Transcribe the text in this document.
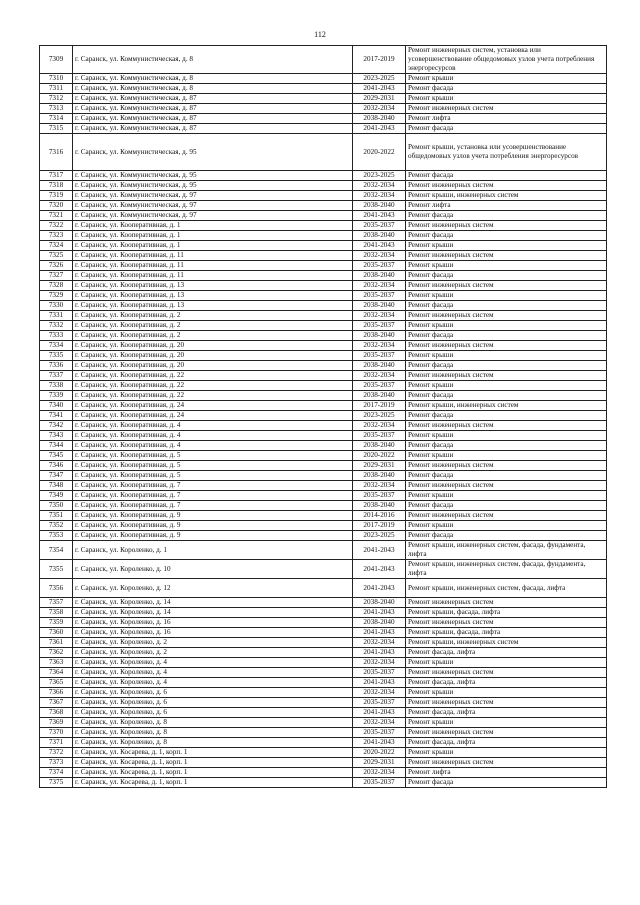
112
7309	г. Саранск, ул. Коммунистическая, д. 8	2017-2019	Ремонт инженерных систем, установка или усовершенствование общедомовых узлов учета потребления энергоресурсов
7310	г. Саранск, ул. Коммунистическая, д. 8	2023-2025	Ремонт крыши
7311	г. Саранск, ул. Коммунистическая, д. 8	2041-2043	Ремонт фасада
7312	г. Саранск, ул. Коммунистическая, д. 87	2029-2031	Ремонт крыши
7313	г. Саранск, ул. Коммунистическая, д. 87	2032-2034	Ремонт инженерных систем
7314	г. Саранск, ул. Коммунистическая, д. 87	2038-2040	Ремонт лифта
7315	г. Саранск, ул. Коммунистическая, д. 87	2041-2043	Ремонт фасада
7316	г. Саранск, ул. Коммунистическая, д. 95	2020-2022	Ремонт крыши, установка или усовершенствование общедомовых узлов учета потребления энергоресурсов
7317	г. Саранск, ул. Коммунистическая, д. 95	2023-2025	Ремонт фасада
7318	г. Саранск, ул. Коммунистическая, д. 95	2032-2034	Ремонт инженерных систем
7319	г. Саранск, ул. Коммунистическая, д. 97	2032-2034	Ремонт крыши, инженерных систем
7320	г. Саранск, ул. Коммунистическая, д. 97	2038-2040	Ремонт лифта
7321	г. Саранск, ул. Коммунистическая, д. 97	2041-2043	Ремонт фасада
7322	г. Саранск, ул. Кооперативная, д. 1	2035-2037	Ремонт инженерных систем
7323	г. Саранск, ул. Кооперативная, д. 1	2038-2040	Ремонт фасада
7324	г. Саранск, ул. Кооперативная, д. 1	2041-2043	Ремонт крыши
7325	г. Саранск, ул. Кооперативная, д. 11	2032-2034	Ремонт инженерных систем
7326	г. Саранск, ул. Кооперативная, д. 11	2035-2037	Ремонт крыши
7327	г. Саранск, ул. Кооперативная, д. 11	2038-2040	Ремонт фасада
7328	г. Саранск, ул. Кооперативная, д. 13	2032-2034	Ремонт инженерных систем
7329	г. Саранск, ул. Кооперативная, д. 13	2035-2037	Ремонт крыши
7330	г. Саранск, ул. Кооперативная, д. 13	2038-2040	Ремонт фасада
7331	г. Саранск, ул. Кооперативная, д. 2	2032-2034	Ремонт инженерных систем
7332	г. Саранск, ул. Кооперативная, д. 2	2035-2037	Ремонт крыши
7333	г. Саранск, ул. Кооперативная, д. 2	2038-2040	Ремонт фасада
7334	г. Саранск, ул. Кооперативная, д. 20	2032-2034	Ремонт инженерных систем
7335	г. Саранск, ул. Кооперативная, д. 20	2035-2037	Ремонт крыши
7336	г. Саранск, ул. Кооперативная, д. 20	2038-2040	Ремонт фасада
7337	г. Саранск, ул. Кооперативная, д. 22	2032-2034	Ремонт инженерных систем
7338	г. Саранск, ул. Кооперативная, д. 22	2035-2037	Ремонт крыши
7339	г. Саранск, ул. Кооперативная, д. 22	2038-2040	Ремонт фасада
7340	г. Саранск, ул. Кооперативная, д. 24	2017-2019	Ремонт крыши, инженерных систем
7341	г. Саранск, ул. Кооперативная, д. 24	2023-2025	Ремонт фасада
7342	г. Саранск, ул. Кооперативная, д. 4	2032-2034	Ремонт инженерных систем
7343	г. Саранск, ул. Кооперативная, д. 4	2035-2037	Ремонт крыши
7344	г. Саранск, ул. Кооперативная, д. 4	2038-2040	Ремонт фасада
7345	г. Саранск, ул. Кооперативная, д. 5	2020-2022	Ремонт крыши
7346	г. Саранск, ул. Кооперативная, д. 5	2029-2031	Ремонт инженерных систем
7347	г. Саранск, ул. Кооперативная, д. 5	2038-2040	Ремонт фасада
7348	г. Саранск, ул. Кооперативная, д. 7	2032-2034	Ремонт инженерных систем
7349	г. Саранск, ул. Кооперативная, д. 7	2035-2037	Ремонт крыши
7350	г. Саранск, ул. Кооперативная, д. 7	2038-2040	Ремонт фасада
7351	г. Саранск, ул. Кооперативная, д. 9	2014-2016	Ремонт инженерных систем
7352	г. Саранск, ул. Кооперативная, д. 9	2017-2019	Ремонт крыши
7353	г. Саранск, ул. Кооперативная, д. 9	2023-2025	Ремонт фасада
7354	г. Саранск, ул. Короленко, д. 1	2041-2043	Ремонт крыши, инженерных систем, фасада, фундамента, лифта
7355	г. Саранск, ул. Короленко, д. 10	2041-2043	Ремонт крыши, инженерных систем, фасада, фундамента, лифта
7356	г. Саранск, ул. Короленко, д. 12	2041-2043	Ремонт крыши, инженерных систем, фасада, лифта
7357	г. Саранск, ул. Короленко, д. 14	2038-2040	Ремонт инженерных систем
7358	г. Саранск, ул. Короленко, д. 14	2041-2043	Ремонт крыши, фасада, лифта
7359	г. Саранск, ул. Короленко, д. 16	2038-2040	Ремонт инженерных систем
7360	г. Саранск, ул. Короленко, д. 16	2041-2043	Ремонт крыши, фасада, лифта
7361	г. Саранск, ул. Короленко, д. 2	2032-2034	Ремонт крыши, инженерных систем
7362	г. Саранск, ул. Короленко, д. 2	2041-2043	Ремонт фасада, лифта
7363	г. Саранск, ул. Короленко, д. 4	2032-2034	Ремонт крыши
7364	г. Саранск, ул. Короленко, д. 4	2035-2037	Ремонт инженерных систем
7365	г. Саранск, ул. Короленко, д. 4	2041-2043	Ремонт фасада, лифта
7366	г. Саранск, ул. Короленко, д. 6	2032-2034	Ремонт крыши
7367	г. Саранск, ул. Короленко, д. 6	2035-2037	Ремонт инженерных систем
7368	г. Саранск, ул. Короленко, д. 6	2041-2043	Ремонт фасада, лифта
7369	г. Саранск, ул. Короленко, д. 8	2032-2034	Ремонт крыши
7370	г. Саранск, ул. Короленко, д. 8	2035-2037	Ремонт инженерных систем
7371	г. Саранск, ул. Короленко, д. 8	2041-2043	Ремонт фасада, лифта
7372	г. Саранск, ул. Косарева, д. 1, корп. 1	2020-2022	Ремонт крыши
7373	г. Саранск, ул. Косарева, д. 1, корп. 1	2029-2031	Ремонт инженерных систем
7374	г. Саранск, ул. Косарева, д. 1, корп. 1	2032-2034	Ремонт лифта
7375	г. Саранск, ул. Косарева, д. 1, корп. 1	2035-2037	Ремонт фасада
